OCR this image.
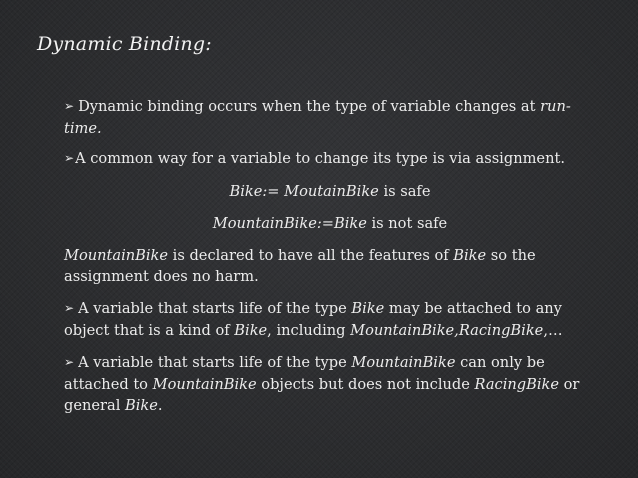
Dynamic Binding:

➢ Dynamic binding occurs when the type of variable changes at run-time.

➢A common way for a variable to change its type is via assignment.

Bike:= MoutainBike is safe

MountainBike:=Bike is not safe

MountainBike is declared to have all the features of Bike so the assignment does no harm.

➢ A variable that starts life of the type Bike may be attached to any object that is a kind of Bike, including MountainBike,RacingBike,…

➢ A variable that starts life of the type MountainBike can only be attached to MountainBike objects but does not include RacingBike or general Bike.
